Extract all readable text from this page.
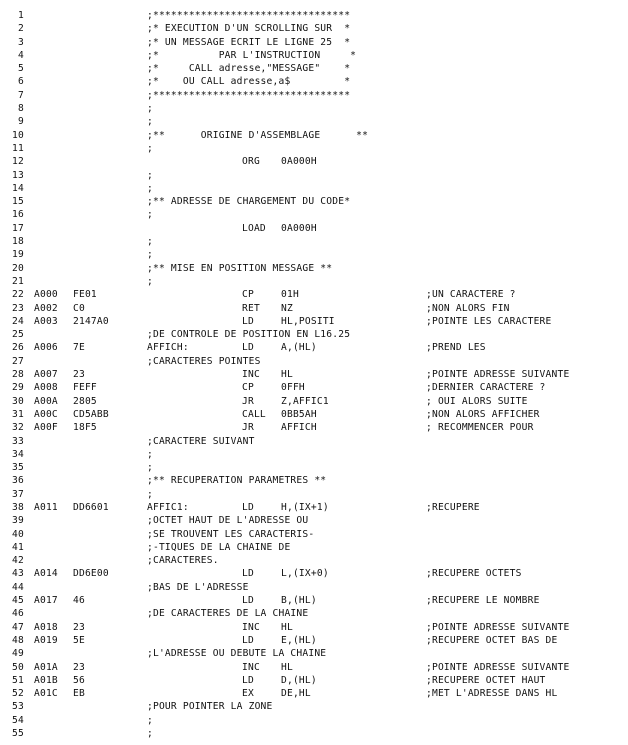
1	;*********************************
2	;* EXECUTION D'UN SCROLLING SUR  *
3	;* UN MESSAGE ECRIT LE LIGNE 25  *
4	;*          PAR L'INSTRUCTION     *
5	;*     CALL adresse,"MESSAGE"    *
6	;*    OU CALL adresse,a$         *
7	;*********************************
8	;
9	;
10	;**      ORIGINE D'ASSEMBLAGE      **
11	;
12	ORG 0A000H
13	;
14	;
15	;** ADRESSE DE CHARGEMENT DU CODE*
16	;
17	LOAD 0A000H
18	;
19	;
20	;** MISE EN POSITION MESSAGE **
21	;
22 A000 FE01	CP	01H	;UN CARACTERE ?
23 A002 C0	RET NZ	;NON ALORS FIN
24 A003 2147A0	LD	HL,POSITI	;POINTE LES CARACTERE
25	;DE CONTROLE DE POSITION EN L16.25
26 A006 7E	AFFICH:	LD	A,(HL)	;PREND LES
27	;CARACTERES POINTES
28 A007 23	INC HL	;POINTE ADRESSE SUIVANTE
29 A008 FEFF	CP	0FFH	;DERNIER CARACTERE ?
30 A00A 2805	JR	Z,AFFIC1	; OUI ALORS SUITE
31 A00C CD5ABB	CALL 0BB5AH	;NON ALORS AFFICHER
32 A00F 18F5	JR	AFFICH	; RECOMMENCER POUR
33	;CARACTERE SUIVANT
34	;
35	;
36	;** RECUPERATION PARAMETRES **
37	;
38 A011 DD6601	AFFIC1:	LD	H,(IX+1)	;RECUPERE
39	;OCTET HAUT DE L'ADRESSE OU
40	;SE TROUVENT LES CARACTERIS-
41	;-TIQUES DE LA CHAINE DE
42	;CARACTERES.
43 A014 DD6E00	LD	L,(IX+0)	;RECUPERE OCTETS
44	;BAS DE L'ADRESSE
45 A017 46	LD	B,(HL)	;RECUPERE LE NOMBRE
46	;DE CARACTERES DE LA CHAINE
47 A018 23	INC HL	;POINTE ADRESSE SUIVANTE
48 A019 5E	LD	E,(HL)	;RECUPERE OCTET BAS DE
49	;L'ADRESSE OU DEBUTE LA CHAINE
50 A01A 23	INC HL	;POINTE ADRESSE SUIVANTE
51 A01B 56	LD	D,(HL)	;RECUPERE OCTET HAUT
52 A01C EB	EX	DE,HL	;MET L'ADRESSE DANS HL
53	;POUR POINTER LA ZONE
54	;
55	;
